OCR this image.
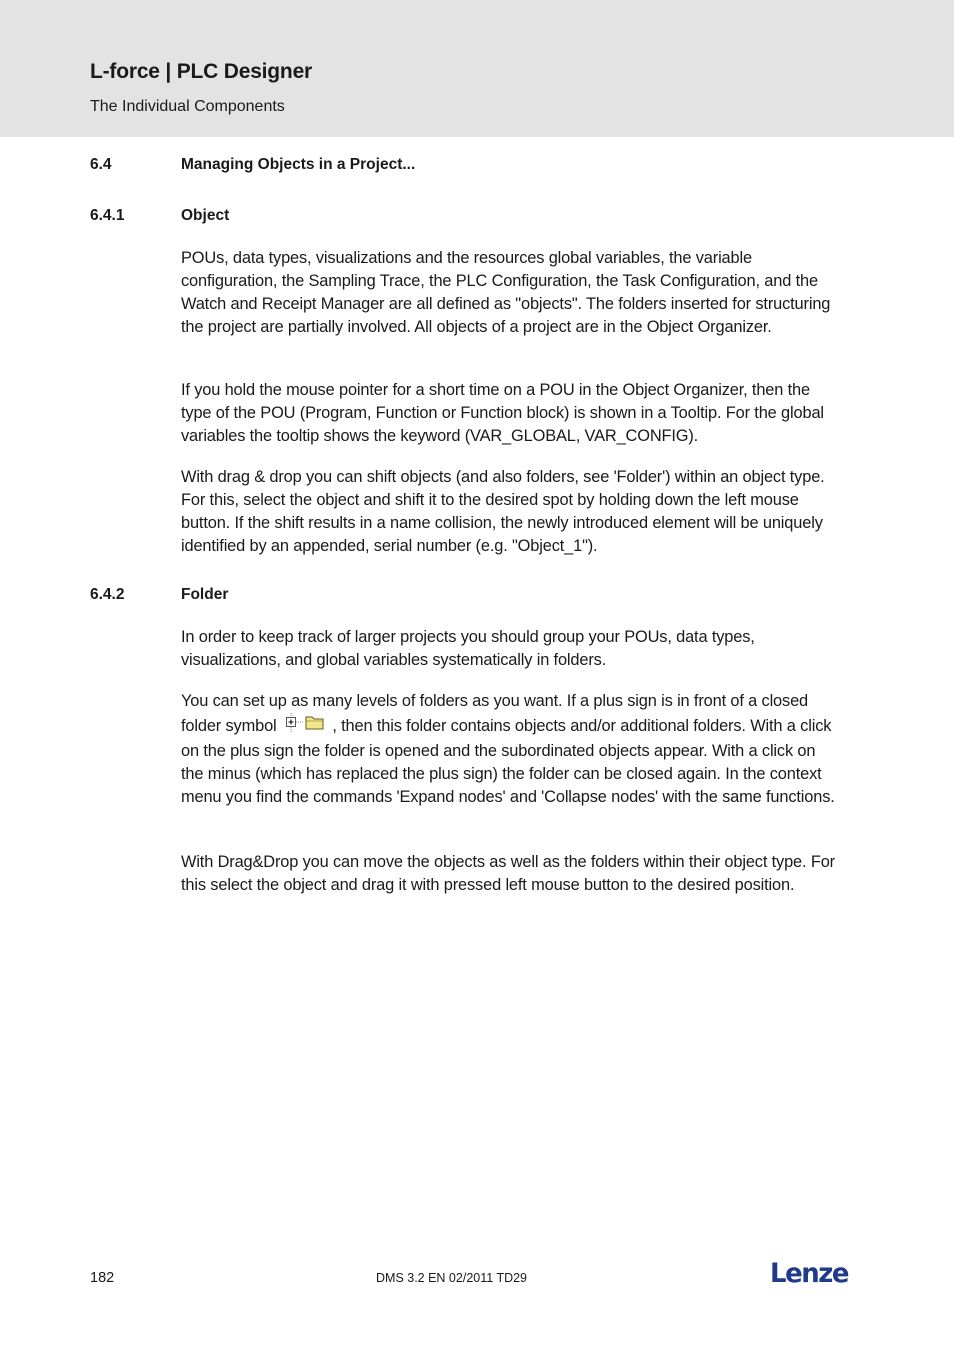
L-force | PLC Designer
The Individual Components
6.4	Managing Objects in a Project...
6.4.1	Object

POUs, data types, visualizations and the resources global variables, the variable configuration, the Sampling Trace, the PLC Configuration, the Task Configuration, and the Watch and Receipt Manager are all defined as "objects". The folders inserted for structuring the project are partially involved. All objects of a project are in the Object Organizer.

If you hold the mouse pointer for a short time on a POU in the Object Organizer, then the type of the POU (Program, Function or Function block) is shown in a Tooltip. For the global variables the tooltip shows the keyword (VAR_GLOBAL, VAR_CONFIG).

With drag & drop you can shift objects (and also folders, see 'Folder') within an object type. For this, select the object and shift it to the desired spot by holding down the left mouse button. If the shift results in a name collision, the newly introduced element will be uniquely identified by an appended, serial number (e.g. "Object_1").

6.4.2	Folder

In order to keep track of larger projects you should group your POUs, data types, visualizations, and global variables systematically in folders.

You can set up as many levels of folders as you want. If a plus sign is in front of a closed folder symbol	, then this folder contains objects and/or additional folders. With a click on the plus sign the folder is opened and the subordinated objects appear. With a click on the minus (which has replaced the plus sign) the folder can be closed again. In the context menu you find the commands 'Expand nodes' and 'Collapse nodes' with the same functions.

With Drag&Drop you can move the objects as well as the folders within their object type. For this select the object and drag it with pressed left mouse button to the desired position.

182	DMS 3.2 EN 02/2011 TD29	Lenze
